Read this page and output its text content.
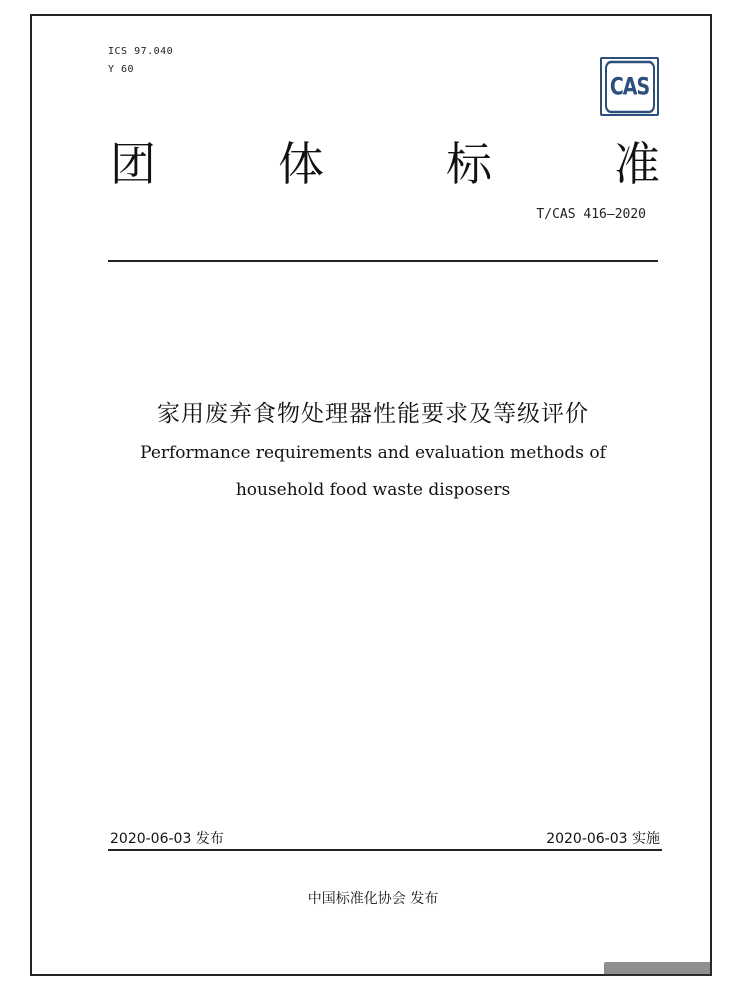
ICS 97.040
Y 60
CAS
团	体	标	准
T/CAS 416—2020
家用废弃食物处理器性能要求及等级评价
Performance requirements and evaluation methods of
household food waste disposers
2020-06-03 发布	2020-06-03 实施
中国标准化协会 发布
